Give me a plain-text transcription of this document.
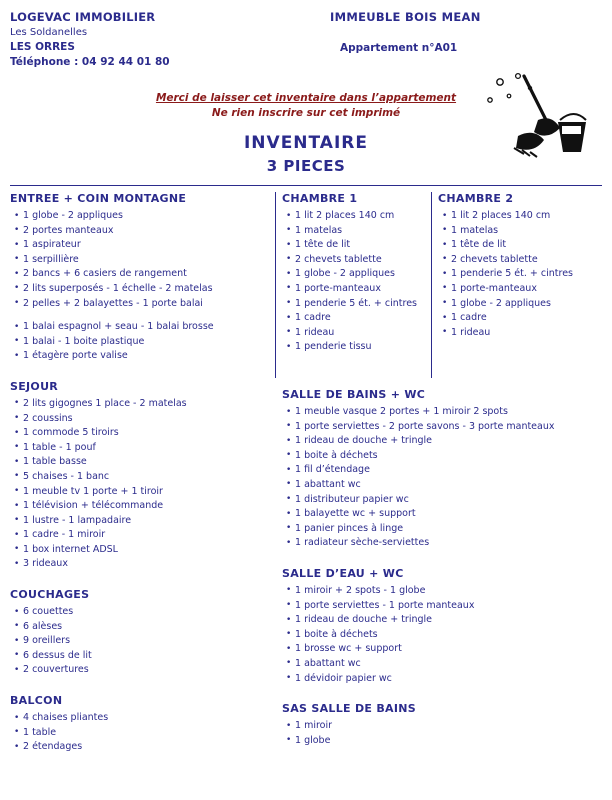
LOGEVAC IMMOBILIER
Les Soldanelles
LES ORRES
Téléphone : 04 92 44 01 80
IMMEUBLE BOIS MEAN
Appartement n°A01
Merci de laisser cet inventaire dans l’appartement
Ne rien inscrire sur cet imprimé
INVENTAIRE
3 PIECES
ENTREE + COIN MONTAGNE
• 1 globe - 2 appliques
• 2 portes manteaux
• 1 aspirateur
• 1 serpillière
• 2 bancs + 6 casiers de rangement
• 2 lits superposés - 1 échelle - 2 matelas
• 2 pelles + 2 balayettes - 1 porte balai
• 1 balai espagnol + seau - 1 balai brosse
• 1 balai - 1 boite plastique
• 1 étagère porte valise
SEJOUR
• 2 lits gigognes 1 place - 2 matelas
• 2 coussins
• 1 commode 5 tiroirs
• 1 table - 1 pouf
• 1 table basse
• 5 chaises - 1 banc
• 1 meuble tv 1 porte + 1 tiroir
• 1 télévision + télécommande
• 1 lustre - 1 lampadaire
• 1 cadre - 1 miroir
• 1 box internet ADSL
• 3 rideaux
COUCHAGES
• 6 couettes
• 6 alèses
• 9 oreillers
• 6 dessus de lit
• 2 couvertures
BALCON
• 4 chaises pliantes
• 1 table
• 2 étendages
CHAMBRE 1
• 1 lit 2 places 140 cm
• 1 matelas
• 1 tête de lit
• 2 chevets tablette
• 1 globe - 2 appliques
• 1 porte-manteaux
• 1 penderie 5 ét. + cintres
• 1 cadre
• 1 rideau
• 1 penderie tissu
CHAMBRE 2
• 1 lit 2 places 140 cm
• 1 matelas
• 1 tête de lit
• 2 chevets tablette
• 1 penderie 5 ét. + cintres
• 1 porte-manteaux
• 1 globe - 2 appliques
• 1 cadre
• 1 rideau
SALLE DE BAINS + WC
• 1 meuble vasque 2 portes + 1 miroir 2 spots
• 1 porte serviettes - 2 porte savons - 3 porte manteaux
• 1 rideau de douche + tringle
• 1 boite à déchets
• 1 fil d’étendage
• 1 abattant wc
• 1 distributeur papier wc
• 1 balayette wc + support
• 1 panier pinces à linge
• 1 radiateur sèche-serviettes
SALLE D’EAU + WC
• 1 miroir + 2 spots - 1 globe
• 1 porte serviettes - 1 porte manteaux
• 1 rideau de douche + tringle
• 1 boite à déchets
• 1 brosse wc + support
• 1 abattant wc
• 1 dévidoir papier wc
SAS SALLE DE BAINS
• 1 miroir
• 1 globe
